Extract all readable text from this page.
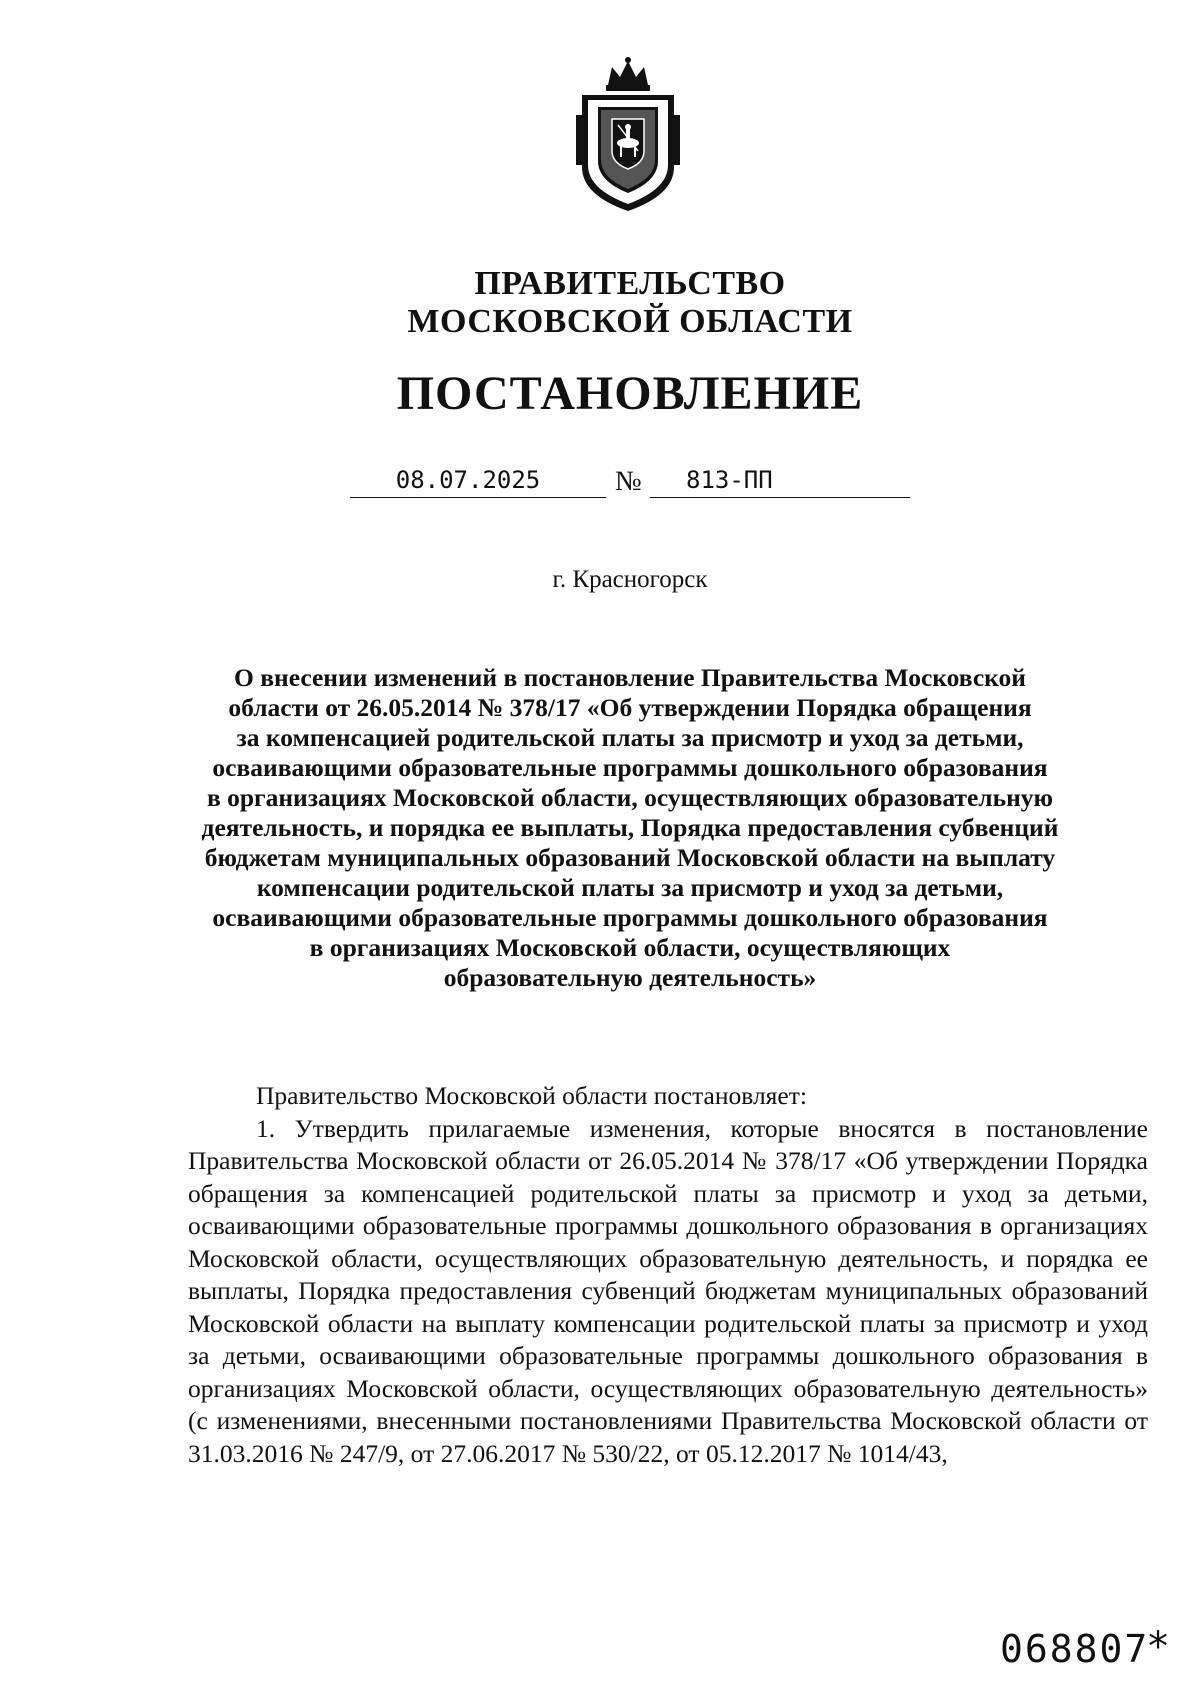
ПРАВИТЕЛЬСТВО
МОСКОВСКОЙ ОБЛАСТИ
ПОСТАНОВЛЕНИЕ
08.07.2025	№	813-ПП
г. Красногорск
О внесении изменений в постановление Правительства Московской
области от 26.05.2014 № 378/17 «Об утверждении Порядка обращения
за компенсацией родительской платы за присмотр и уход за детьми,
осваивающими образовательные программы дошкольного образования
в организациях Московской области, осуществляющих образовательную
деятельность, и порядка ее выплаты, Порядка предоставления субвенций
бюджетам муниципальных образований Московской области на выплату
компенсации родительской платы за присмотр и уход за детьми,
осваивающими образовательные программы дошкольного образования
в организациях Московской области, осуществляющих
образовательную деятельность»

Правительство Московской области постановляет:

1. Утвердить прилагаемые изменения, которые вносятся в постановление Правительства Московской области от 26.05.2014 № 378/17 «Об утверждении Порядка обращения за компенсацией родительской платы за присмотр и уход за детьми, осваивающими образовательные программы дошкольного образования в организациях Московской области, осуществляющих образовательную деятельность, и порядка ее выплаты, Порядка предоставления субвенций бюджетам муниципальных образований Московской области на выплату компенсации родительской платы за присмотр и уход за детьми, осваивающими образовательные программы дошкольного образования в организациях Московской области, осуществляющих образовательную деятельность» (с изменениями, внесенными постановлениями Правительства Московской области от 31.03.2016 № 247/9, от 27.06.2017 № 530/22, от 05.12.2017 № 1014/43,

068807
*
